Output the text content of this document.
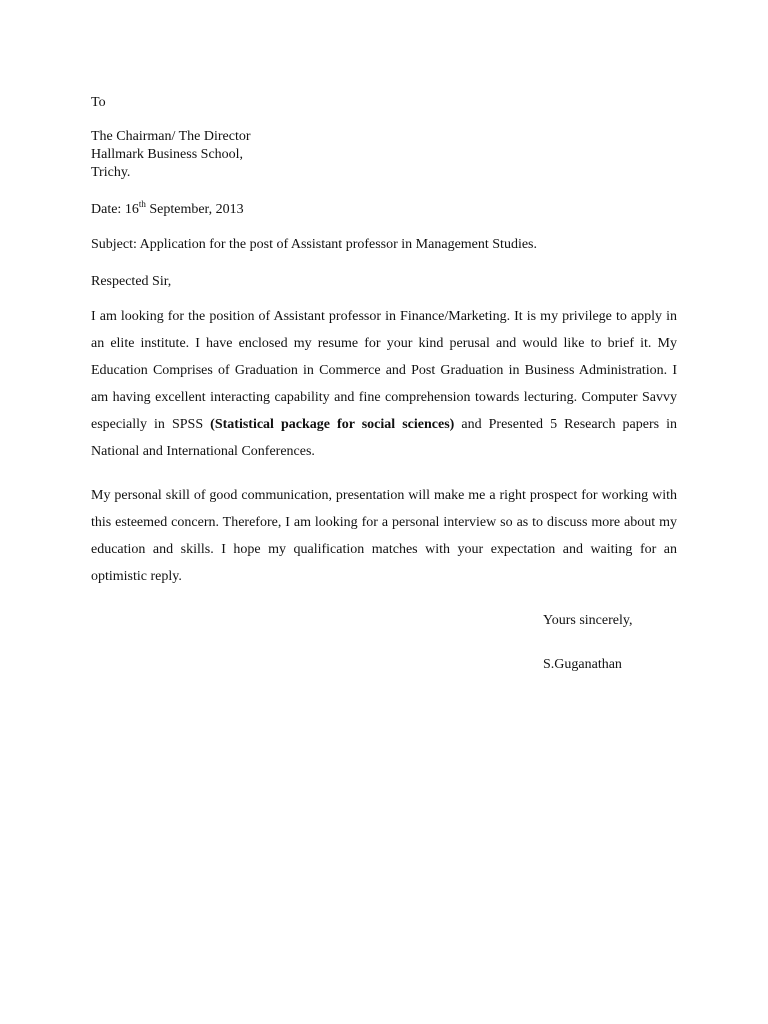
To
The Chairman/ The Director
Hallmark Business School,
Trichy.
Date: 16th September, 2013
Subject: Application for the post of Assistant professor in Management Studies.
Respected Sir,
I am looking for the position of Assistant professor in Finance/Marketing. It is my privilege to apply in an elite institute. I have enclosed my resume for your kind perusal and would like to brief it. My Education Comprises of Graduation in Commerce and Post Graduation in Business Administration. I am having excellent interacting capability and fine comprehension towards lecturing. Computer Savvy especially in SPSS (Statistical package for social sciences) and Presented 5 Research papers in National and International Conferences.
My personal skill of good communication, presentation will make me a right prospect for working with this esteemed concern. Therefore, I am looking for a personal interview so as to discuss more about my education and skills. I hope my qualification matches with your expectation and waiting for an optimistic reply.
Yours sincerely,
S.Guganathan
